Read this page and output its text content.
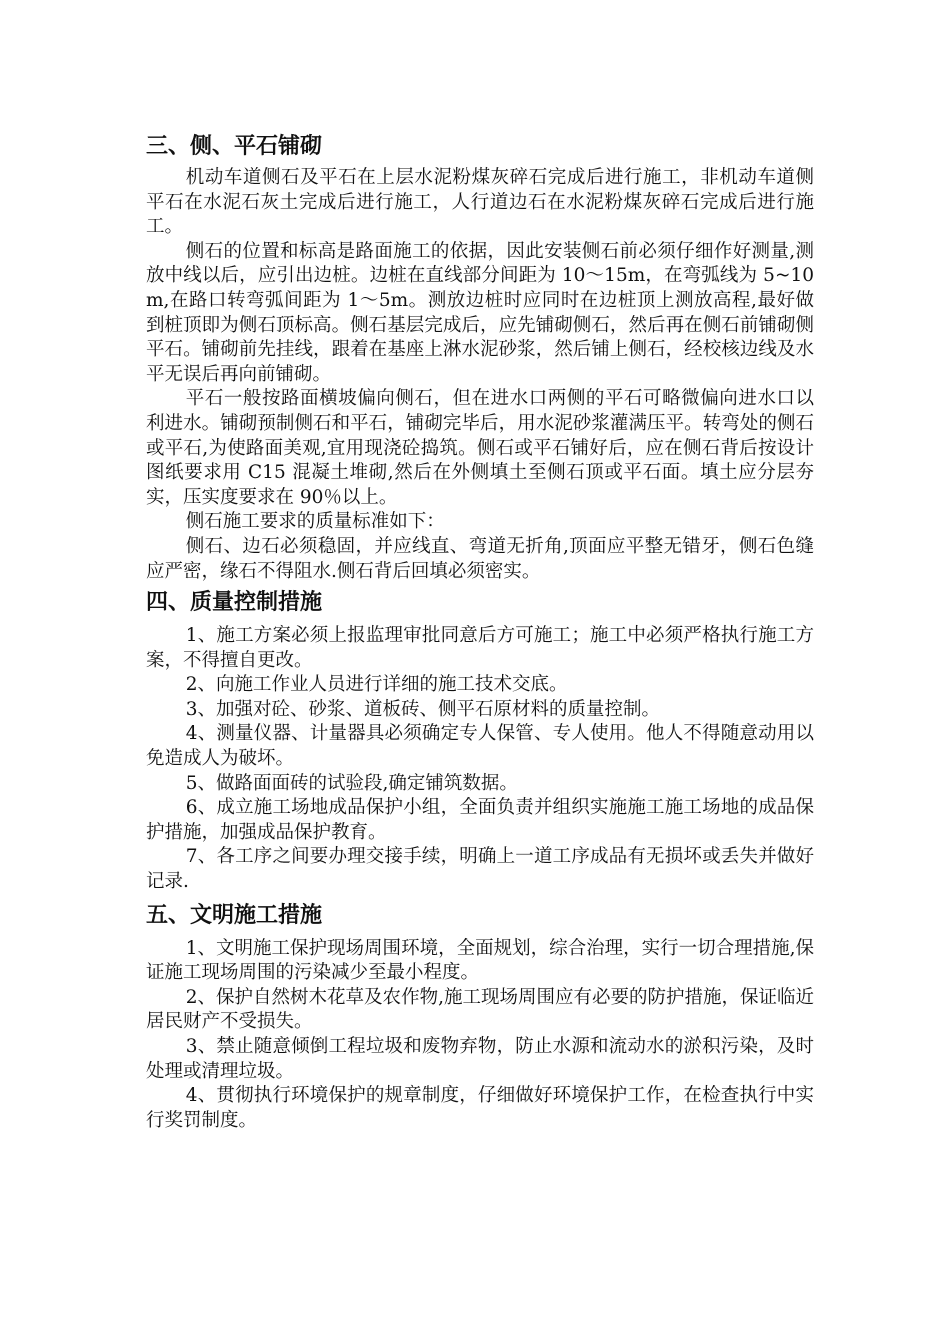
三、侧、平石铺砌

机动车道侧石及平石在上层水泥粉煤灰碎石完成后进行施工，非机动车道侧平石在水泥石灰土完成后进行施工，人行道边石在水泥粉煤灰碎石完成后进行施工。

侧石的位置和标高是路面施工的依据，因此安装侧石前必须仔细作好测量,测放中线以后，应引出边桩。边桩在直线部分间距为 10～15m，在弯弧线为 5~10m,在路口转弯弧间距为 1～5m。测放边桩时应同时在边桩顶上测放高程,最好做到桩顶即为侧石顶标高。侧石基层完成后，应先铺砌侧石，然后再在侧石前铺砌侧平石。铺砌前先挂线，跟着在基座上淋水泥砂浆，然后铺上侧石，经校核边线及水平无误后再向前铺砌。

平石一般按路面横坡偏向侧石，但在进水口两侧的平石可略微偏向进水口以利进水。铺砌预制侧石和平石，铺砌完毕后，用水泥砂浆灌满压平。转弯处的侧石或平石,为使路面美观,宜用现浇砼捣筑。侧石或平石铺好后，应在侧石背后按设计图纸要求用 C15 混凝土堆砌,然后在外侧填土至侧石顶或平石面。填土应分层夯实，压实度要求在 90％以上。

侧石施工要求的质量标准如下：

侧石、边石必须稳固，并应线直、弯道无折角,顶面应平整无错牙，侧石色缝应严密，缘石不得阻水.侧石背后回填必须密实。

四、质量控制措施

1、施工方案必须上报监理审批同意后方可施工；施工中必须严格执行施工方案，不得擅自更改。

2、向施工作业人员进行详细的施工技术交底。

3、加强对砼、砂浆、道板砖、侧平石原材料的质量控制。

4、测量仪器、计量器具必须确定专人保管、专人使用。他人不得随意动用以免造成人为破坏。

5、做路面面砖的试验段,确定铺筑数据。

6、成立施工场地成品保护小组，全面负责并组织实施施工施工场地的成品保护措施，加强成品保护教育。

7、各工序之间要办理交接手续，明确上一道工序成品有无损坏或丢失并做好记录.

五、文明施工措施

1、文明施工保护现场周围环境，全面规划，综合治理，实行一切合理措施,保证施工现场周围的污染减少至最小程度。

2、保护自然树木花草及农作物,施工现场周围应有必要的防护措施，保证临近居民财产不受损失。

3、禁止随意倾倒工程垃圾和废物弃物，防止水源和流动水的淤积污染，及时处理或清理垃圾。

4、贯彻执行环境保护的规章制度，仔细做好环境保护工作，在检查执行中实行奖罚制度。
